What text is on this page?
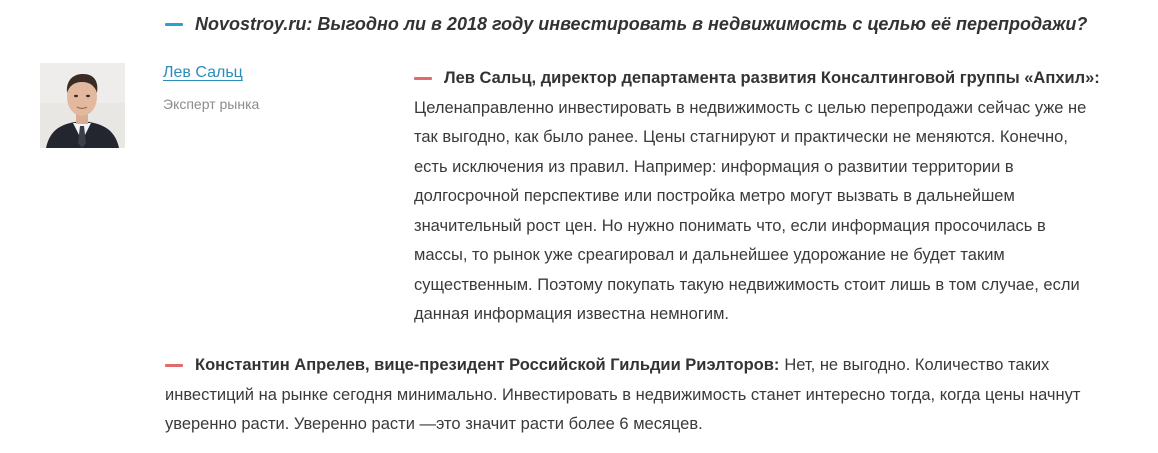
Novostroy.ru: Выгодно ли в 2018 году инвестировать в недвижимость с целью её перепродажи?
Лев Сальц
Эксперт рынка
Лев Сальц, директор департамента развития Консалтинговой группы «Апхил»:
Целенаправленно инвестировать в недвижимость с целью перепродажи сейчас уже не
так выгодно, как было ранее. Цены стагнируют и практически не меняются. Конечно,
есть исключения из правил. Например: информация о развитии территории в
долгосрочной перспективе или постройка метро могут вызвать в дальнейшем
значительный рост цен. Но нужно понимать что, если информация просочилась в
массы, то рынок уже среагировал и дальнейшее удорожание не будет таким
существенным. Поэтому покупать такую недвижимость стоит лишь в том случае, если
данная информация известна немногим.
Константин Апрелев, вице-президент Российской Гильдии Риэлторов: Нет, не выгодно. Количество таких
инвестиций на рынке сегодня минимально. Инвестировать в недвижимость станет интересно тогда, когда цены начнут
уверенно расти. Уверенно расти —это значит расти более 6 месяцев.
